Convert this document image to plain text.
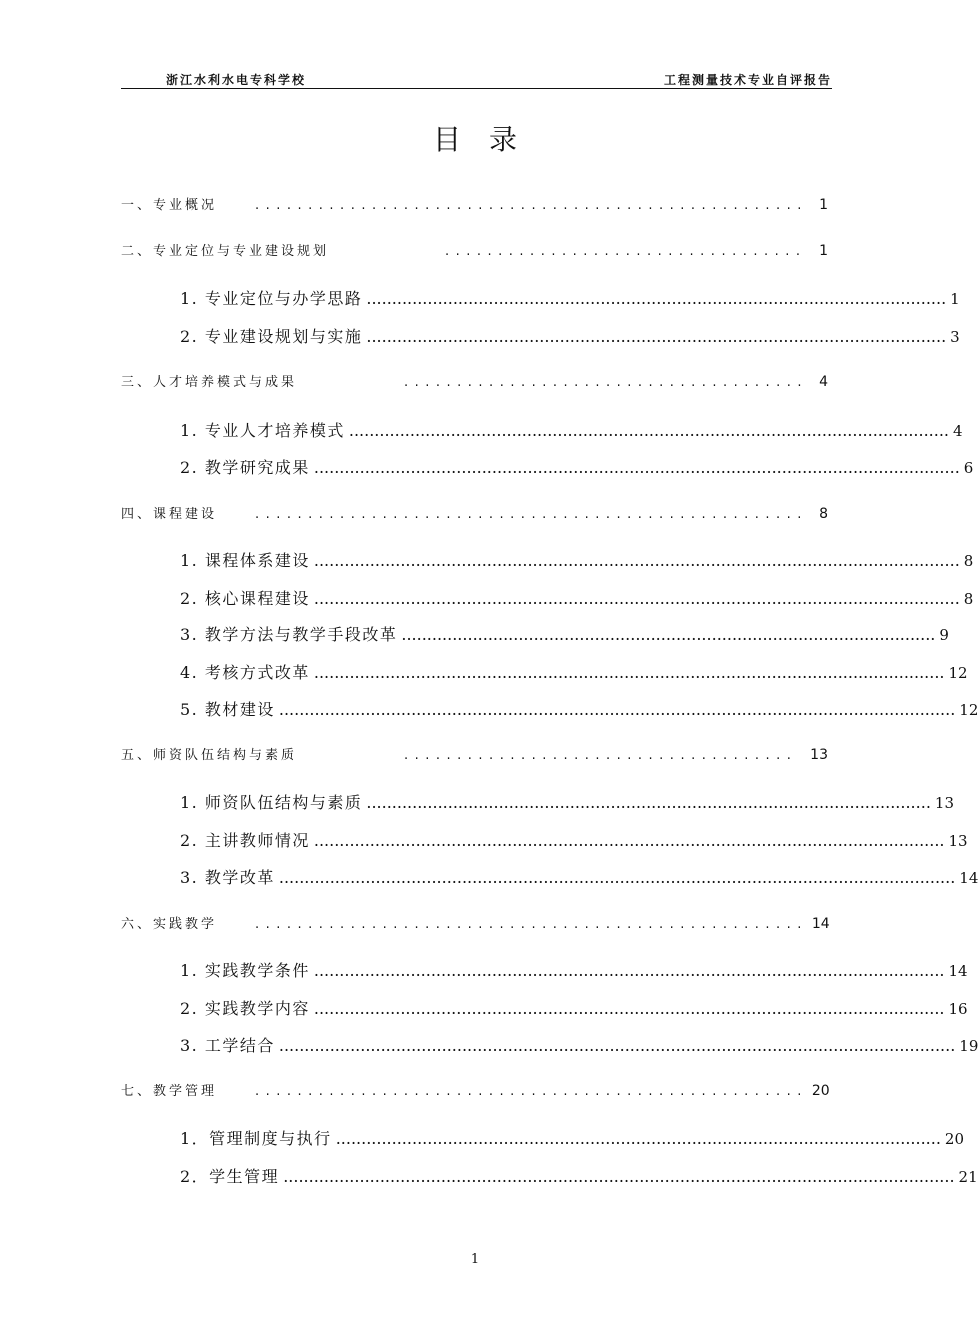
浙江水利水电专科学校	工程测量技术专业自评报告
目录
一、专业概况	.................................................... 1
二、专业定位与专业建设规划	.................................. 1
1. 专业定位与办学思路 .................................................................................................................. 1
2. 专业建设规划与实施 .................................................................................................................. 3
三、人才培养模式与成果	...................................... 4
1. 专业人才培养模式 ...................................................................................................................... 4
2. 教学研究成果 ............................................................................................................................... 6
四、课程建设	.................................................... 8
1. 课程体系建设 ............................................................................................................................... 8
2. 核心课程建设 ............................................................................................................................... 8
3. 教学方法与教学手段改革 ......................................................................................................... 9
4. 考核方式改革 ............................................................................................................................ 12
5. 教材建设 ..................................................................................................................................... 12
五、师资队伍结构与素质	..................................... 13
1. 师资队伍结构与素质 ............................................................................................................... 13
2. 主讲教师情况 ............................................................................................................................ 13
3. 教学改革 ..................................................................................................................................... 14
六、实践教学	.................................................... 14
1. 实践教学条件 ............................................................................................................................ 14
2. 实践教学内容 ............................................................................................................................ 16
3. 工学结合 ..................................................................................................................................... 19
七、教学管理	.................................................... 20
1．管理制度与执行 ....................................................................................................................... 20
2．学生管理 .................................................................................................................................... 21
1
